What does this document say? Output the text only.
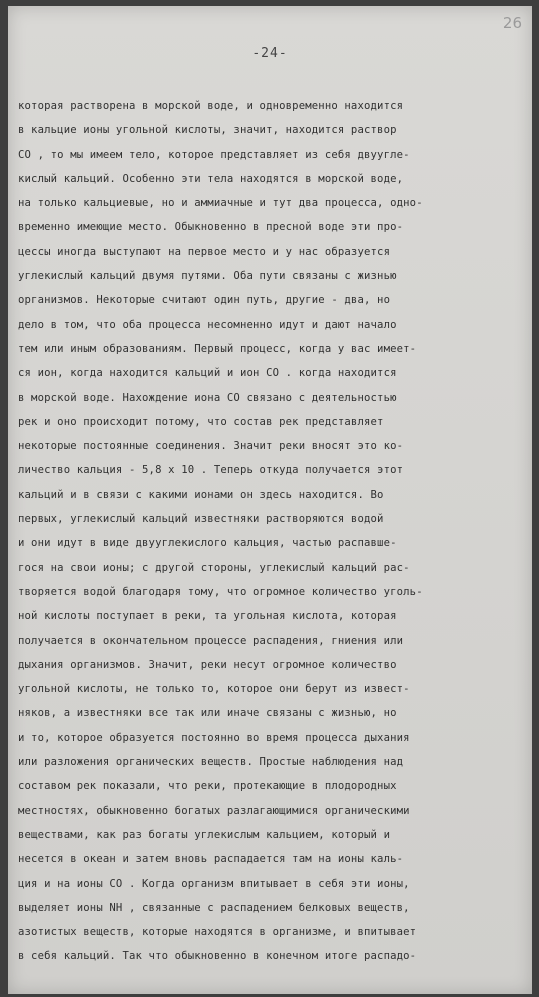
26
-24-
которая растворена в морской воде, и одновременно находится
в кальцие ионы угольной кислоты, значит, находится раствор
CO , то мы имеем тело, которое представляет из себя двуугле-
кислый кальций. Особенно эти тела находятся в морской воде,
на только кальциевые, но и аммиачные и тут два процесса, одно-
временно имеющие место. Обыкновенно в пресной воде эти про-
цессы иногда выступают на первое место и у нас образуется
углекислый кальций двумя путями. Оба пути связаны с жизнью
организмов. Некоторые считают один путь, другие - два, но
дело в том, что оба процесса несомненно идут и дают начало
тем или иным образованиям. Первый процесс, когда у вас имеет-
ся ион, когда находится кальций и ион CO . когда находится
в морской воде. Нахождение иона CO связано с деятельностью
рек и оно происходит потому, что состав рек представляет
некоторые постоянные соединения. Значит реки вносят это ко-
личество кальция - 5,8 x 10 . Теперь откуда получается этот
кальций и в связи с какими ионами он здесь находится. Во
первых, углекислый кальций известняки растворяются водой
и они идут в виде двууглекислого кальция, частью распавше-
гося на свои ионы; с другой стороны, углекислый кальций рас-
творяется водой благодаря тому, что огромное количество уголь-
ной кислоты поступает в реки, та угольная кислота, которая
получается в окончательном процессе распадения, гниения или
дыхания организмов. Значит, реки несут огромное количество
угольной кислоты, не только то, которое они берут из извест-
няков, а известняки все так или иначе связаны с жизнью, но
и то, которое образуется постоянно во время процесса дыхания
или разложения органических веществ. Простые наблюдения над
составом рек показали, что реки, протекающие в плодородных
местностях, обыкновенно богатых разлагающимися органическими
веществами, как раз богаты углекислым кальцием, который и
несется в океан и затем вновь распадается там на ионы каль-
ция и на ионы CO . Когда организм впитывает в себя эти ионы,
выделяет ионы NH , связанные с распадением белковых веществ,
азотистых веществ, которые находятся в организме, и впитывает
в себя кальций. Так что обыкновенно в конечном итоге распадо-
